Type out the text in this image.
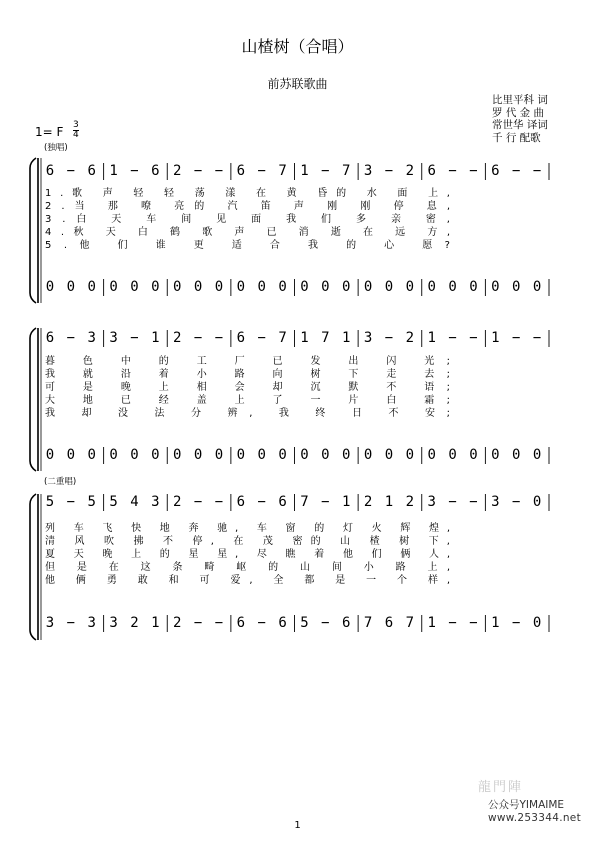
山楂树（合唱）
前苏联歌曲
比里平科 词
罗 代 金 曲
常世华 译词
千 行 配歌
1= F 3
4
(独唱)
6 − 6 1 − 6 2 − − 6 − 7 1 − 7 3 − 2 6 − − 6 − −
0 0 0 0 0 0 0 0 0 0 0 0 0 0 0 0 0 0 0 0 0 0 0 0
1.歌 声 轻 轻 荡 漾 在 黄 昏的 水 面 上,
2.当 那 嘹 亮的 汽 笛 声 刚 刚 停 息,
3.白 天 车 间 见 面 我 们 多 亲 密,
4.秋 天 白 鹤 歌 声 已 消 逝 在 远 方,
5.他 们 谁 更 适 合 我 的 心 愿?
6 − 3 3 − 1 2 − − 6 − 7 1 7 1 3 − 2 1 − − 1 − −
0 0 0 0 0 0 0 0 0 0 0 0 0 0 0 0 0 0 0 0 0 0 0 0
暮 色 中 的 工 厂 已 发 出 闪 光;
我 就 沿 着 小 路 向 树 下 走 去;
可 是 晚 上 相 会 却 沉 默 不 语;
大 地 已 经 盖 上 了 一 片 白 霜;
我 却 没 法 分 辨, 我 终 日 不 安;
(二重唱)
5 − 5 5 4 3 2 − − 6 − 6 7 − 1 2 1 2 3 − − 3 − 0
3 − 3 3 2 1 2 − − 6 − 6 5 − 6 7 6 7 1 − − 1 − 0
列 车 飞 快 地 奔 驰, 车 窗 的 灯 火 辉 煌,
清 风 吹 拂 不 停, 在 茂 密的 山 楂 树 下,
夏 天 晚 上 的 星 星, 尽 瞧 着 他 们 俩 人,
但 是 在 这 条 畸 岖 的 山 间 小 路 上,
他 俩 勇 敢 和 可 爱, 全 都 是 一 个 样,
龍門陣
公众号YIMAIME
www.253344.net
1
